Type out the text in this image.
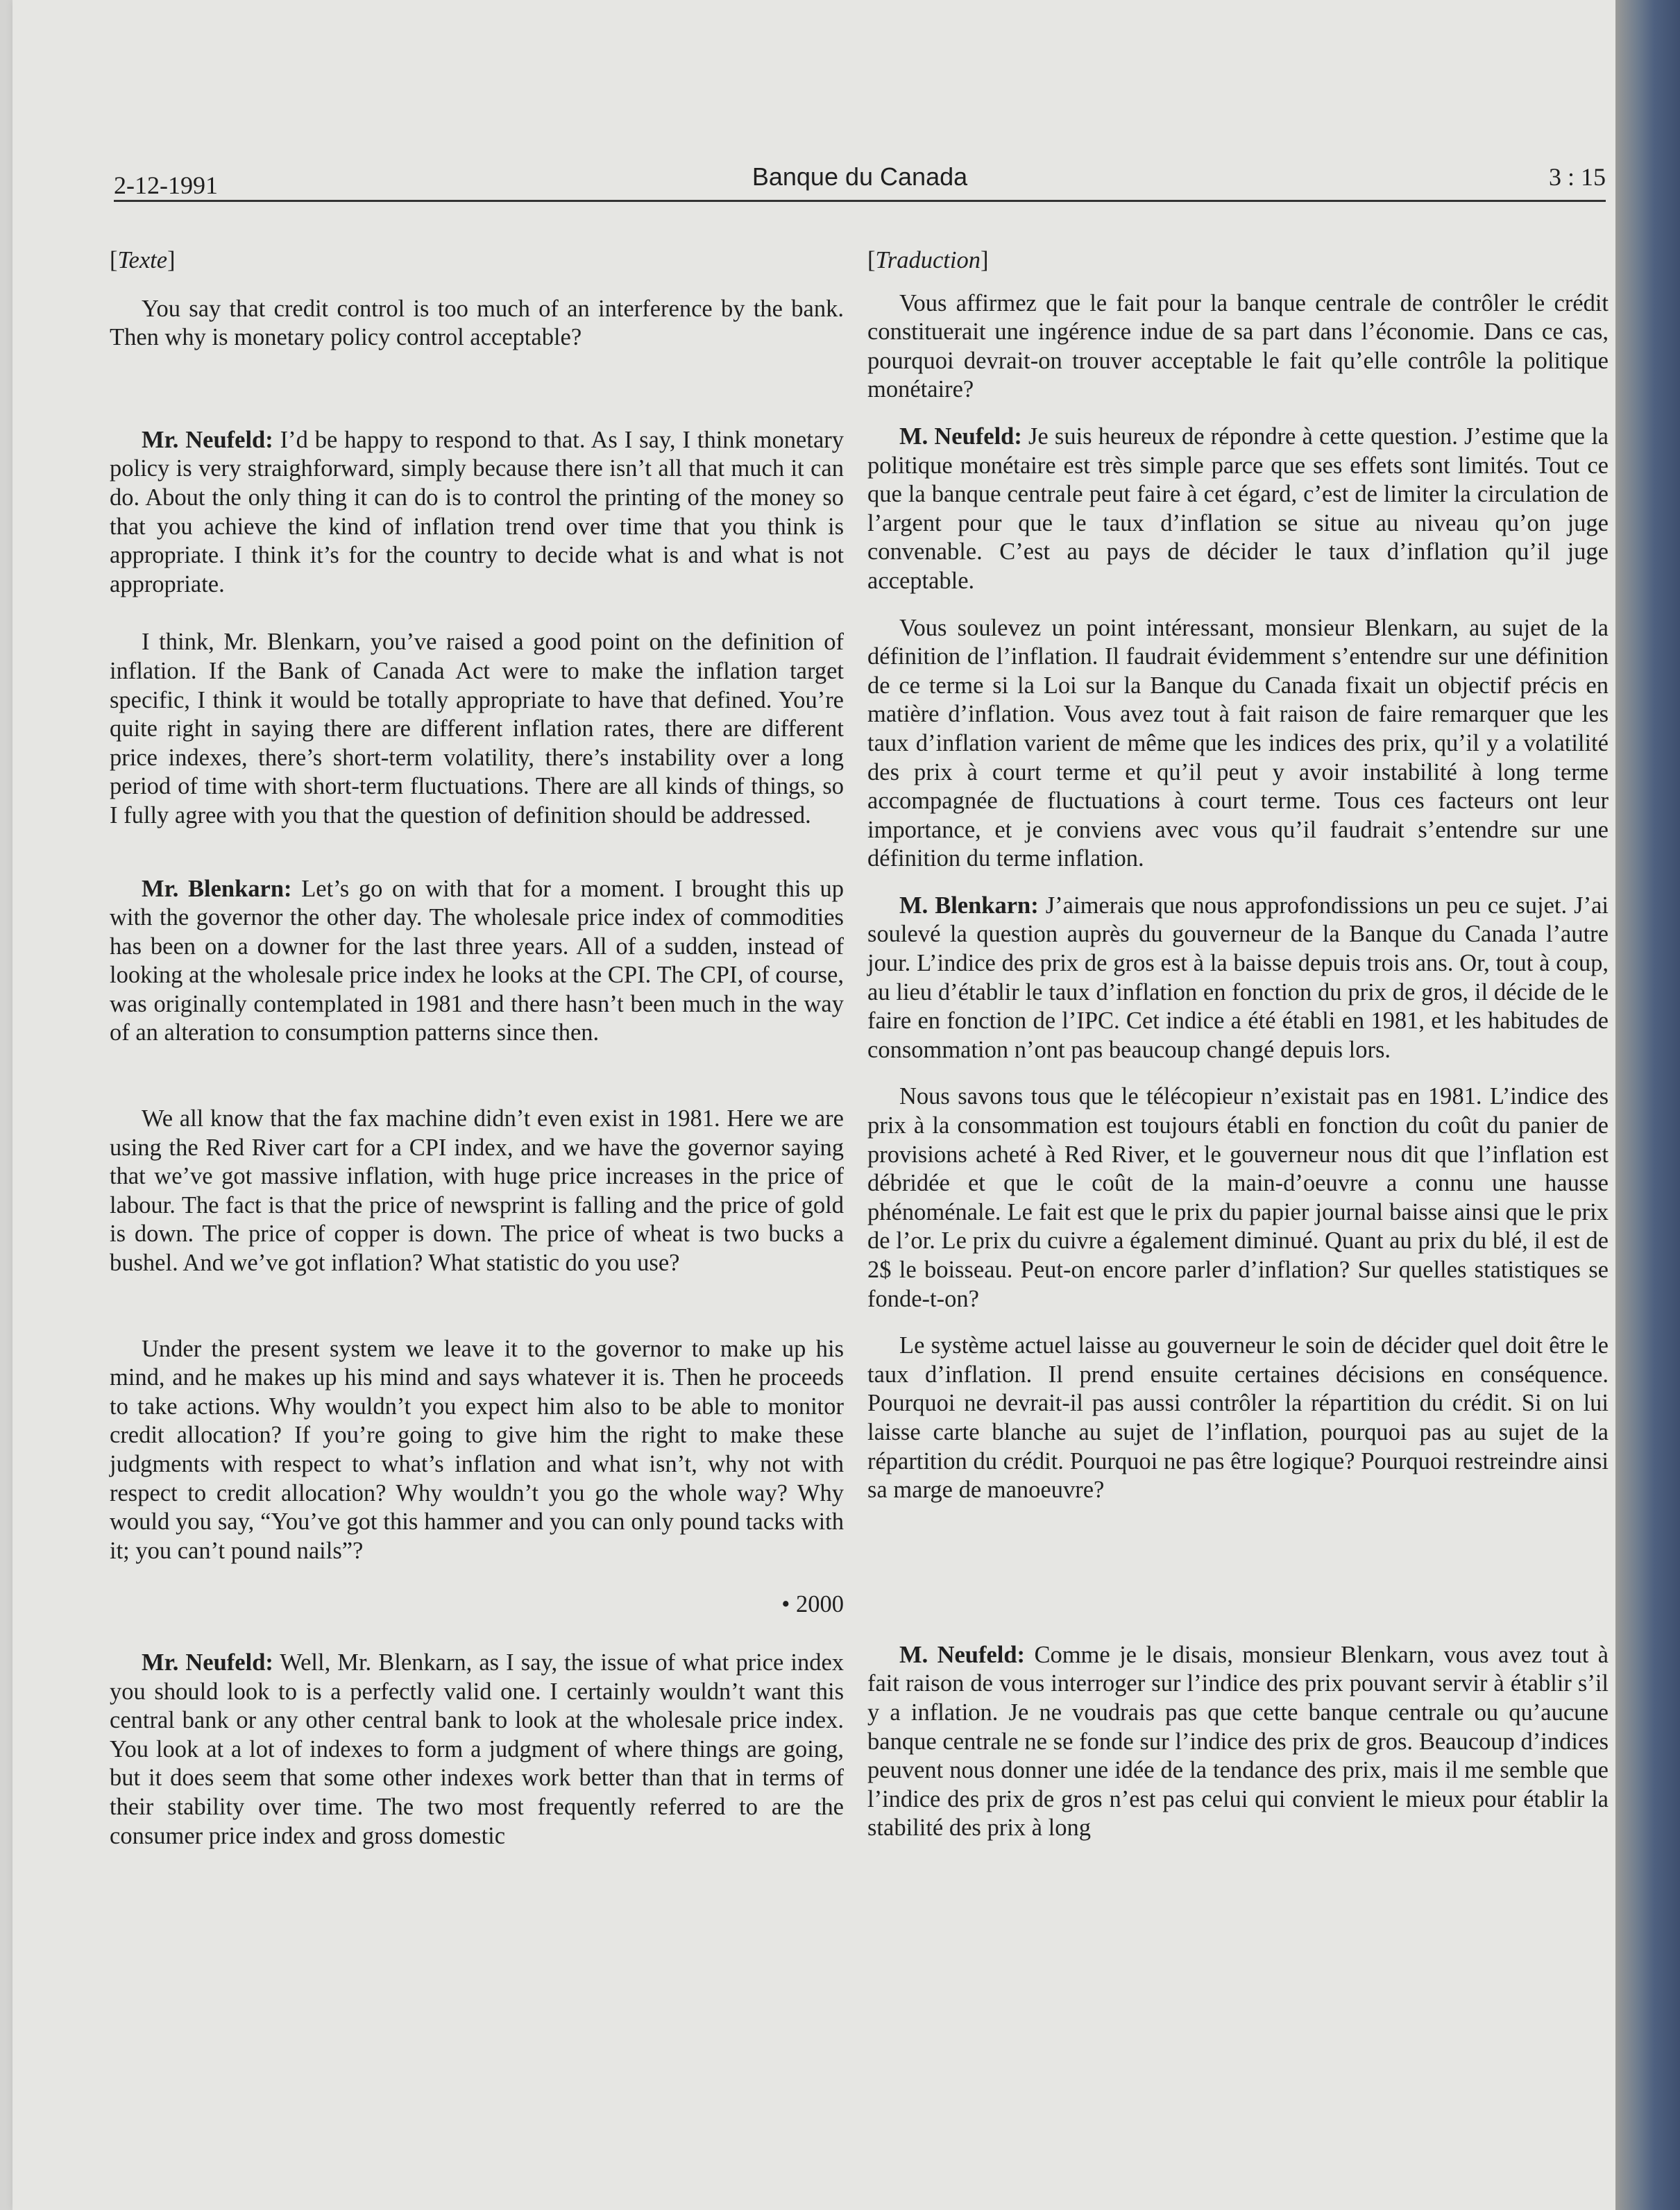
2-12-1991	Banque du Canada	3 : 15

[ Texte ]

You say that credit control is too much of an interference by the bank. Then why is monetary policy control acceptable?

Mr. Neufeld: I’d be happy to respond to that. As I say, I think monetary policy is very straighforward, simply because there isn’t all that much it can do. About the only thing it can do is to control the printing of the money so that you achieve the kind of inflation trend over time that you think is appropriate. I think it’s for the country to decide what is and what is not appropriate.

I think, Mr. Blenkarn, you’ve raised a good point on the definition of inflation. If the Bank of Canada Act were to make the inflation target specific, I think it would be totally appropriate to have that defined. You’re quite right in saying there are different inflation rates, there are different price indexes, there’s short-term volatility, there’s instability over a long period of time with short-term fluctuations. There are all kinds of things, so I fully agree with you that the question of definition should be addressed.

Mr. Blenkarn: Let’s go on with that for a moment. I brought this up with the governor the other day. The wholesale price index of commodities has been on a downer for the last three years. All of a sudden, instead of looking at the wholesale price index he looks at the CPI. The CPI, of course, was originally contemplated in 1981 and there hasn’t been much in the way of an alteration to consumption patterns since then.

We all know that the fax machine didn’t even exist in 1981. Here we are using the Red River cart for a CPI index, and we have the governor saying that we’ve got massive inflation, with huge price increases in the price of labour. The fact is that the price of newsprint is falling and the price of gold is down. The price of copper is down. The price of wheat is two bucks a bushel. And we’ve got inflation? What statistic do you use?

Under the present system we leave it to the governor to make up his mind, and he makes up his mind and says whatever it is. Then he proceeds to take actions. Why wouldn’t you expect him also to be able to monitor credit allocation? If you’re going to give him the right to make these judgments with respect to what’s inflation and what isn’t, why not with respect to credit allocation? Why wouldn’t you go the whole way? Why would you say, “You’ve got this hammer and you can only pound tacks with it; you can’t pound nails”?

• 2000

Mr. Neufeld: Well, Mr. Blenkarn, as I say, the issue of what price index you should look to is a perfectly valid one. I certainly wouldn’t want this central bank or any other central bank to look at the wholesale price index. You look at a lot of indexes to form a judgment of where things are going, but it does seem that some other indexes work better than that in terms of their stability over time. The two most frequently referred to are the consumer price index and gross domestic

[ Traduction ]

Vous affirmez que le fait pour la banque centrale de contrôler le crédit constituerait une ingérence indue de sa part dans l’économie. Dans ce cas, pourquoi devrait-on trouver acceptable le fait qu’elle contrôle la politique monétaire?

M. Neufeld: Je suis heureux de répondre à cette question. J’estime que la politique monétaire est très simple parce que ses effets sont limités. Tout ce que la banque centrale peut faire à cet égard, c’est de limiter la circulation de l’argent pour que le taux d’inflation se situe au niveau qu’on juge convenable. C’est au pays de décider le taux d’inflation qu’il juge acceptable.

Vous soulevez un point intéressant, monsieur Blenkarn, au sujet de la définition de l’inflation. Il faudrait évidemment s’entendre sur une définition de ce terme si la Loi sur la Banque du Canada fixait un objectif précis en matière d’inflation. Vous avez tout à fait raison de faire remarquer que les taux d’inflation varient de même que les indices des prix, qu’il y a volatilité des prix à court terme et qu’il peut y avoir instabilité à long terme accompagnée de fluctuations à court terme. Tous ces facteurs ont leur importance, et je conviens avec vous qu’il faudrait s’entendre sur une définition du terme inflation.

M. Blenkarn: J’aimerais que nous approfondissions un peu ce sujet. J’ai soulevé la question auprès du gouverneur de la Banque du Canada l’autre jour. L’indice des prix de gros est à la baisse depuis trois ans. Or, tout à coup, au lieu d’établir le taux d’inflation en fonction du prix de gros, il décide de le faire en fonction de l’IPC. Cet indice a été établi en 1981, et les habitudes de consommation n’ont pas beaucoup changé depuis lors.

Nous savons tous que le télécopieur n’existait pas en 1981. L’indice des prix à la consommation est toujours établi en fonction du coût du panier de provisions acheté à Red River, et le gouverneur nous dit que l’inflation est débridée et que le coût de la main-d’oeuvre a connu une hausse phénoménale. Le fait est que le prix du papier journal baisse ainsi que le prix de l’or. Le prix du cuivre a également diminué. Quant au prix du blé, il est de 2$ le boisseau. Peut-on encore parler d’inflation? Sur quelles statistiques se fonde-t-on?

Le système actuel laisse au gouverneur le soin de décider quel doit être le taux d’inflation. Il prend ensuite certaines décisions en conséquence. Pourquoi ne devrait-il pas aussi contrôler la répartition du crédit. Si on lui laisse carte blanche au sujet de l’inflation, pourquoi pas au sujet de la répartition du crédit. Pourquoi ne pas être logique? Pourquoi restreindre ainsi sa marge de manoeuvre?

M. Neufeld: Comme je le disais, monsieur Blenkarn, vous avez tout à fait raison de vous interroger sur l’indice des prix pouvant servir à établir s’il y a inflation. Je ne voudrais pas que cette banque centrale ou qu’aucune banque centrale ne se fonde sur l’indice des prix de gros. Beaucoup d’indices peuvent nous donner une idée de la tendance des prix, mais il me semble que l’indice des prix de gros n’est pas celui qui convient le mieux pour établir la stabilité des prix à long
